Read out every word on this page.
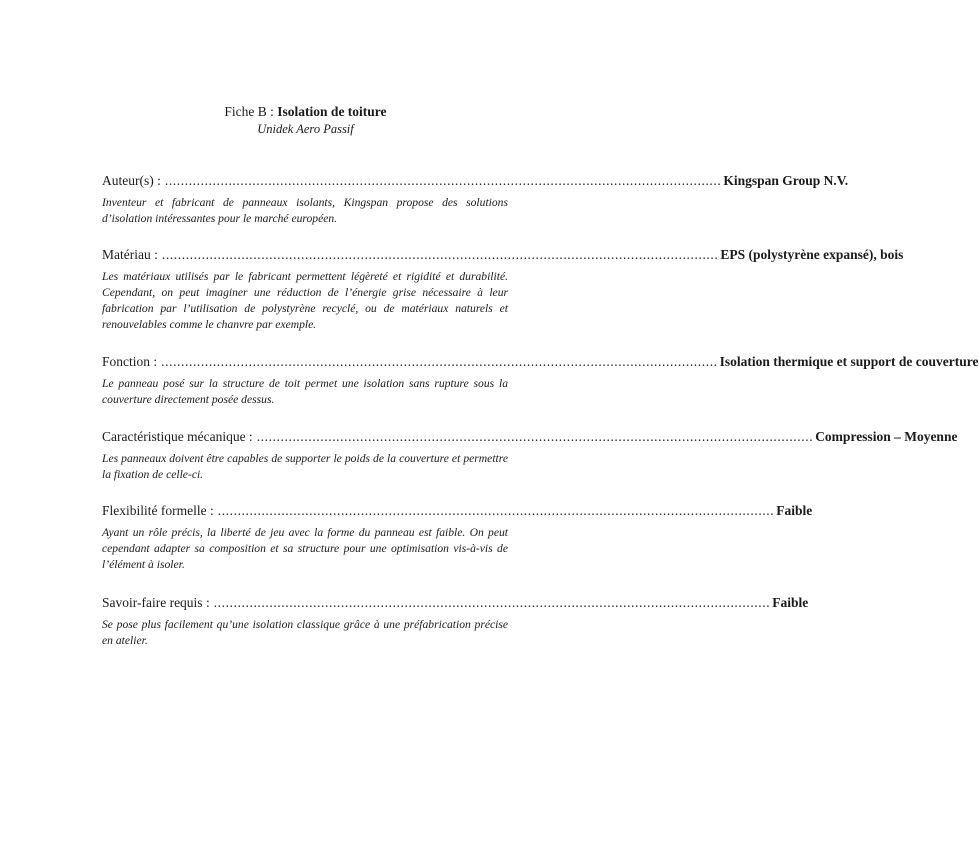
Fiche B : Isolation de toiture
Unidek Aero Passif
Auteur(s) : ............................................................................................................................................ Kingspan Group N.V.
Inventeur et fabricant de panneaux isolants, Kingspan propose des solutions d’isolation intéressantes pour le marché européen.
Matériau : ............................................................................................................................................ EPS (polystyrène expansé), bois
Les matériaux utilisés par le fabricant permettent légèreté et rigidité et durabilité. Cependant, on peut imaginer une réduction de l’énergie grise nécessaire à leur fabrication par l’utilisation de polystyrène recyclé, ou de matériaux naturels et renouvelables comme le chanvre par exemple.
Fonction : ............................................................................................................................................ Isolation thermique et support de couverture
Le panneau posé sur la structure de toit permet une isolation sans rupture sous la couverture directement posée dessus.
Caractéristique mécanique : ............................................................................................................................................ Compression – Moyenne
Les panneaux doivent être capables de supporter le poids de la couverture et permettre la fixation de celle-ci.
Flexibilité formelle : ............................................................................................................................................ Faible
Ayant un rôle précis, la liberté de jeu avec la forme du panneau est faible. On peut cependant adapter sa composition et sa structure pour une optimisation vis-à-vis de l’élément à isoler.
Savoir-faire requis : ............................................................................................................................................ Faible
Se pose plus facilement qu’une isolation classique grâce à une préfabrication précise en atelier.
